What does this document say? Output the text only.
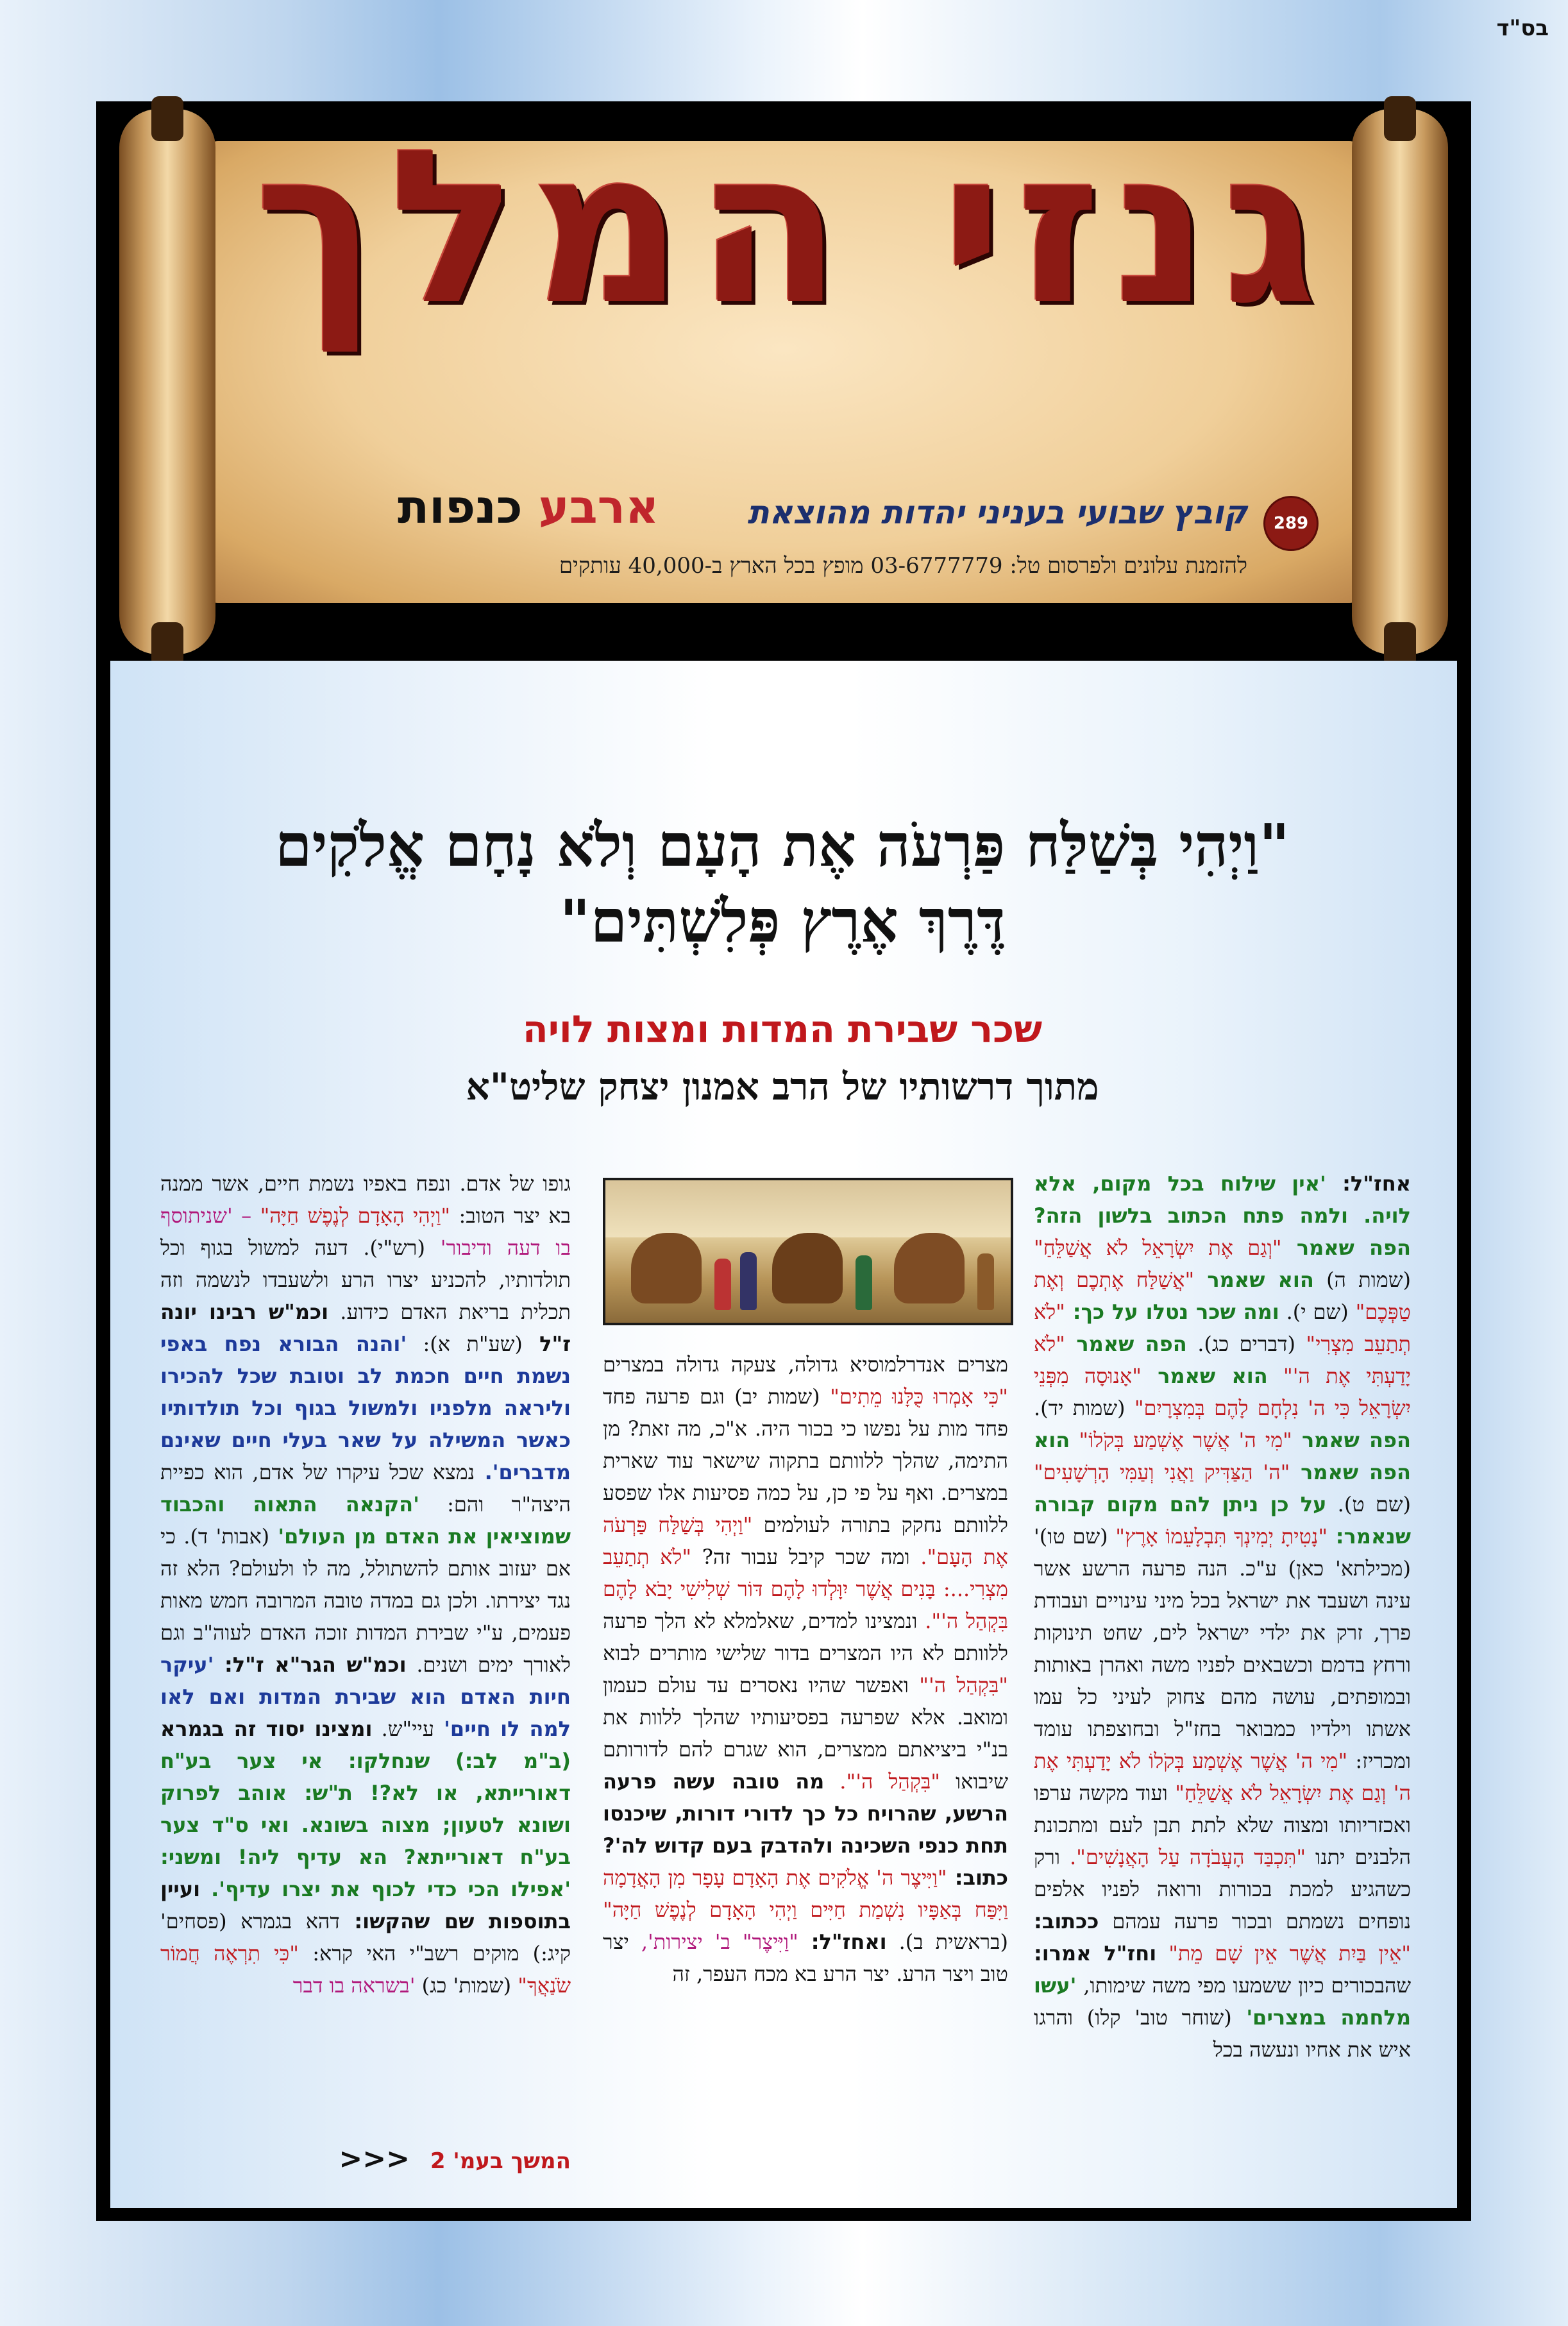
בס"ד
גנזי המלך
289
קובץ שבועי בעניני יהדות מהוצאת
ארבע כנפות
להזמנת עלונים ולפרסום טל: 03-6777779 מופץ בכל הארץ ב-40,000 עותקים
"וַיְהִי בְּשַׁלַּח פַּרְעֹה אֶת הָעָם וְלֹא נָחָם אֱלֹקִים
דֶּרֶךְ אֶרֶץ פְּלִשְׁתִּים"
שכר שבירת המדות ומצות לויה
מתוך דרשותיו של הרב אמנון יצחק שליט"א

אחז"ל: 'אין שילוח בכל מקום, אלא לויה. ולמה פתח הכתוב בלשון הזה? הפה שאמר "וְגַם אֶת יִשְׂרָאֵל לֹא אֲשַׁלֵּחַ" (שמות ה) הוא שאמר "אֲשַׁלַּח אֶתְכֶם וְאֶת טַפְּכֶם" (שם י). ומה שכר נטלו על כך: "לֹא תְתַעֵב מִצְרִי" (דברים כג). הפה שאמר "לֹא יָדַעְתִּי אֶת ה'" הוא שאמר "אָנוּסָה מִפְּנֵי יִשְׂרָאֵל כִּי ה' נִלְחָם לָהֶם בְּמִצְרָיִם" (שמות יד). הפה שאמר "מִי ה' אֲשֶׁר אֶשְׁמַע בְּקֹלוֹ" הוא הפה שאמר "ה' הַצַּדִּיק וַאֲנִי וְעַמִּי הָרְשָׁעִים" (שם ט). על כן ניתן להם מקום קבורה שנאמר: "נָטִיתָ יְמִינְךָ תִּבְלָעֵמוֹ אָרֶץ" (שם טו)' (מכילתא' כאן) ע"כ. הנה פרעה הרשע אשר עינה ושעבד את ישראל בכל מיני עינויים ועבודת פרך, זרק את ילדי ישראל לים, שחט תינוקות ורחץ בדמם וכשבאים לפניו משה ואהרן באותות ובמופתים, עושה מהם צחוק לעיני כל עמו אשתו וילדיו כמבואר בחז"ל ובחוצפתו עומד ומכריז: "מִי ה' אֲשֶׁר אֶשְׁמַע בְּקֹלוֹ לֹא יָדַעְתִּי אֶת ה' וְגַם אֶת יִשְׂרָאֵל לֹא אֲשַׁלֵּחַ" ועוד מקשה ערפו ואכזריותו ומצוה שלא לתת תבן לעם ומתכונת הלבנים יתנו "תִּכְבַּד הָעֲבֹדָה עַל הָאֲנָשִׁים". ורק כשהגיע למכת בכורות ורואה לפניו אלפים נופחים נשמתם ובכור פרעה עמהם ככתוב: "אֵין בַּיִת אֲשֶׁר אֵין שָׁם מֵת" וחז"ל אמרו: שהבכורים כיון ששמעו מפי משה שימותו, 'עשו מלחמה במצרים' (שוחר טוב' קלו) והרגו איש את אחיו ונעשה בכל

מצרים אנדרלמוסיא גדולה, צעקה גדולה במצרים "כִּי אָמְרוּ כֻּלָּנוּ מֵתִים" (שמות יב) וגם פרעה פחד פחד מות על נפשו כי בכור היה. א"כ, מה זאת? מן התימה, שהלך ללוותם בתקוה שישאר עוד שארית במצרים. ואף על פי כן, על כמה פסיעות אלו שפסע ללוותם נחקק בתורה לעולמים "וַיְהִי בְּשַׁלַּח פַּרְעֹה אֶת הָעָם". ומה שכר קיבל עבור זה? "לֹא תְתַעֵב מִצְרִי...: בָּנִים אֲשֶׁר יִוָּלְדוּ לָהֶם דּוֹר שְׁלִישִׁי יָבֹא לָהֶם בִּקְהַל ה'". ונמצינו למדים, שאלמלא לא הלך פרעה ללוותם לא היו המצרים בדור שלישי מותרים לבוא "בִּקְהַל ה'" ואפשר שהיו נאסרים עד עולם כעמון ומואב. אלא שפרעה בפסיעותיו שהלך ללוות את בנ"י ביציאתם ממצרים, הוא שגרם להם לדורותם שיבואו "בִּקְהַל ה'". מה טובה עשה פרעה הרשע, שהרויח כל כך לדורי דורות, שיכנסו תחת כנפי השכינה ולהדבק בעם קדוש לה'? כתוב: "וַיִּיצֶר ה' אֱלֹקִים אֶת הָאָדָם עָפָר מִן הָאֲדָמָה וַיִּפַּח בְּאַפָּיו נִשְׁמַת חַיִּים וַיְהִי הָאָדָם לְנֶפֶשׁ חַיָּה" (בראשית ב). ואחז"ל: "וַיִּיצֶר" ב' יצירות', יצר טוב ויצר הרע. יצר הרע בא מכח העפר, זה

גופו של אדם. ונפח באפיו נשמת חיים, אשר ממנה בא יצר הטוב: "וַיְהִי הָאָדָם לְנֶפֶשׁ חַיָּה" – 'שניתוסף בו דעה ודיבור' (רש"י). דעה למשול בגוף וכל תולדותיו, להכניע יצרו הרע ולשעבדו לנשמה וזה תכלית בריאת האדם כידוע. וכמ"ש רבינו יונה ז"ל (שע"ת א): 'והנה הבורא נפח באפי נשמת חיים חכמת לב וטובת שכל להכירו וליראה מלפניו ולמשול בגוף וכל תולדותיו כאשר המשילה על שאר בעלי חיים שאינם מדברים'. נמצא שכל עיקרו של אדם, הוא כפיית היצה"ר והם: 'הקנאה התאוה והכבוד שמוציאין את האדם מן העולם' (אבות' ד). כי אם יעזוב אותם להשתולל, מה לו ולעולם? הלא זה נגד יצירתו. ולכן גם במדה טובה המרובה חמש מאות פעמים, ע"י שבירת המדות זוכה האדם לעוה"ב וגם לאורך ימים ושנים. וכמ"ש הגר"א ז"ל: 'עיקר חיות האדם הוא שבירת המדות ואם לאו למה לו חיים' עיי"ש. ומצינו יסוד זה בגמרא (ב"מ לב:) שנחלקו: אי צער בע"ח דאורייתא, או לא?! ת"ש: אוהב לפרוק ושונא לטעון; מצוה בשונא. ואי ס"ד צער בע"ח דאורייתא? הא עדיף ליה! ומשני: 'אפילו הכי כדי לכוף את יצרו עדיף'. ועיין בתוספות שם שהקשו: דהא בגמרא (פסחים' קיג:) מוקים רשב"י האי קרא: "כִּי תִרְאֶה חֲמוֹר שֹׂנַאֲךָ" (שמות' כג) 'בשראה בו דבר

המשך בעמ' 2 <<<
